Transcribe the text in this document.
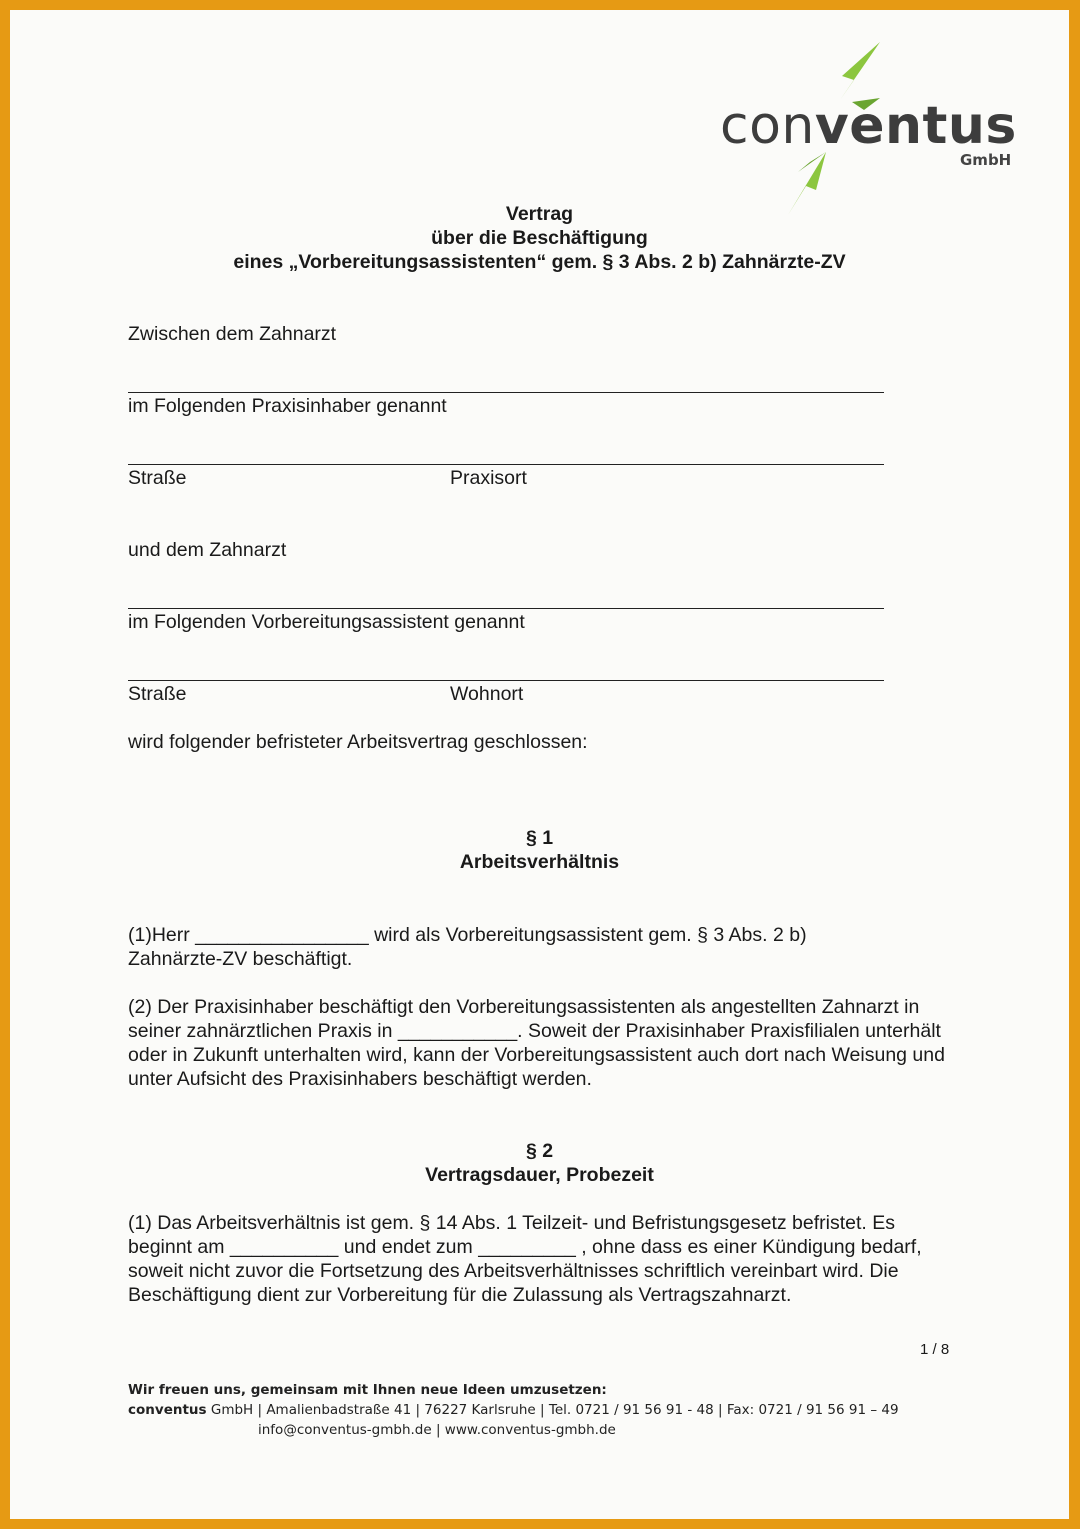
conventus
GmbH
Vertrag
über die Beschäftigung
eines „Vorbereitungsassistenten“ gem. § 3 Abs. 2 b) Zahnärzte-ZV
Zwischen dem Zahnarzt
im Folgenden Praxisinhaber genannt
Straße	Praxisort
und dem Zahnarzt
im Folgenden Vorbereitungsassistent genannt
Straße	Wohnort
wird folgender befristeter Arbeitsvertrag geschlossen:
§ 1
Arbeitsverhältnis
(1)Herr ________________ wird als Vorbereitungsassistent gem. § 3 Abs. 2 b) Zahnärzte-ZV beschäftigt.
(2) Der Praxisinhaber beschäftigt den Vorbereitungsassistenten als angestellten Zahnarzt in seiner zahnärztlichen Praxis in ___________. Soweit der Praxisinhaber Praxisfilialen unterhält oder in Zukunft unterhalten wird, kann der Vorbereitungsassistent auch dort nach Weisung und unter Aufsicht des Praxisinhabers beschäftigt werden.
§ 2
Vertragsdauer, Probezeit
(1) Das Arbeitsverhältnis ist gem. § 14 Abs. 1 Teilzeit- und Befristungsgesetz befristet. Es beginnt am __________ und endet zum _________ , ohne dass es einer Kündigung bedarf, soweit nicht zuvor die Fortsetzung des Arbeitsverhältnisses schriftlich vereinbart wird. Die Beschäftigung dient zur Vorbereitung für die Zulassung als Vertragszahnarzt.
1 / 8
Wir freuen uns, gemeinsam mit Ihnen neue Ideen umzusetzen:
conventus GmbH | Amalienbadstraße 41 | 76227 Karlsruhe | Tel. 0721 / 91 56 91 - 48 | Fax: 0721 / 91 56 91 – 49
info@conventus-gmbh.de | www.conventus-gmbh.de
